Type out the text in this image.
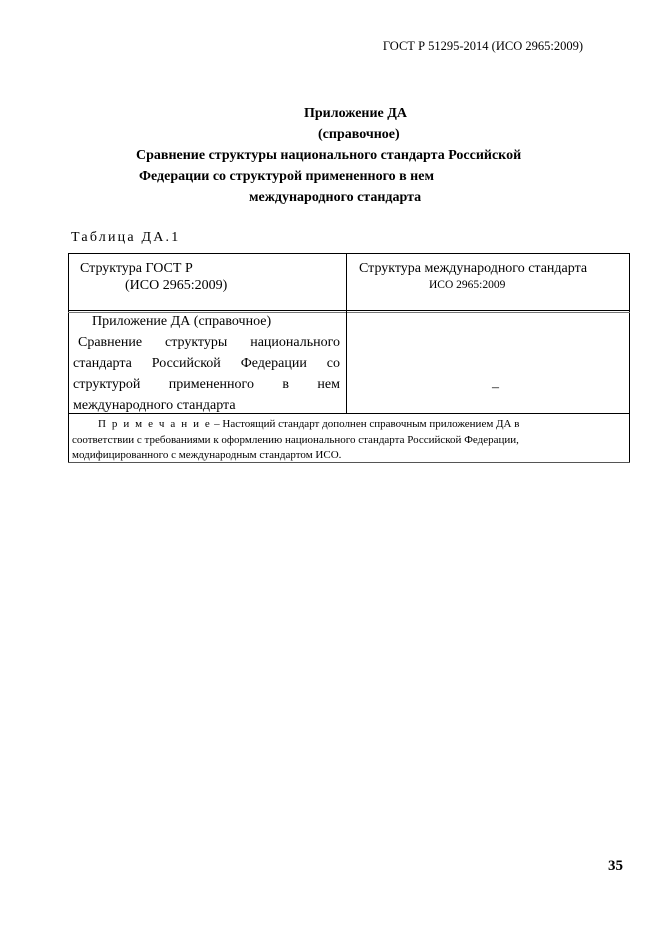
ГОСТ Р 51295-2014 (ИСО 2965:2009)
Приложение ДА
(справочное)
Сравнение структуры национального стандарта Российской
Федерации со структурой примененного в нем
международного стандарта
Таблица ДА.1
Структура ГОСТ Р
(ИСО 2965:2009)
Структура международного стандарта
ИСО 2965:2009
Приложение ДА (справочное)
Сравнение структуры национального
стандарта Российской Федерации со
структурой примененного в нем
международного стандарта
–
П р и м е ч а н и е – Настоящий стандарт дополнен справочным приложением ДА в
соответствии с требованиями к оформлению национального стандарта Российской Федерации,
модифицированного с международным стандартом ИСО.
35
